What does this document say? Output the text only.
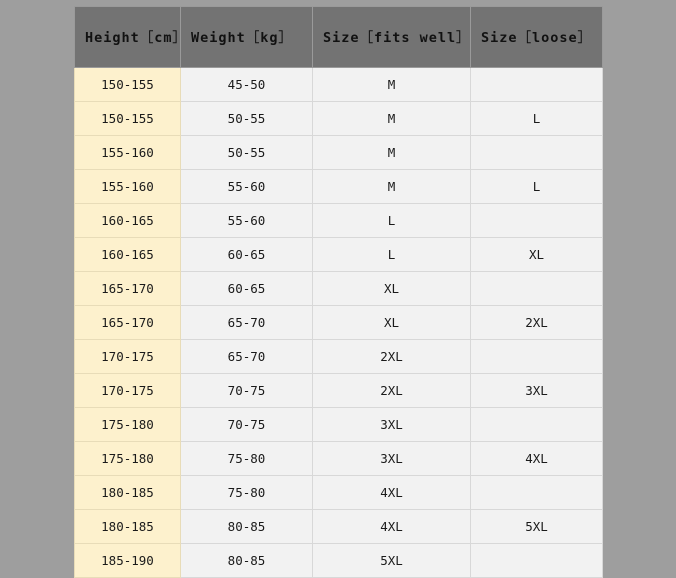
Height［cm］	Weight［kg］	Size［fits well］	Size［loose］
150-155	45-50	M	
150-155	50-55	M	L
155-160	50-55	M	
155-160	55-60	M	L
160-165	55-60	L	
160-165	60-65	L	XL
165-170	60-65	XL	
165-170	65-70	XL	2XL
170-175	65-70	2XL	
170-175	70-75	2XL	3XL
175-180	70-75	3XL	
175-180	75-80	3XL	4XL
180-185	75-80	4XL	
180-185	80-85	4XL	5XL
185-190	80-85	5XL	
